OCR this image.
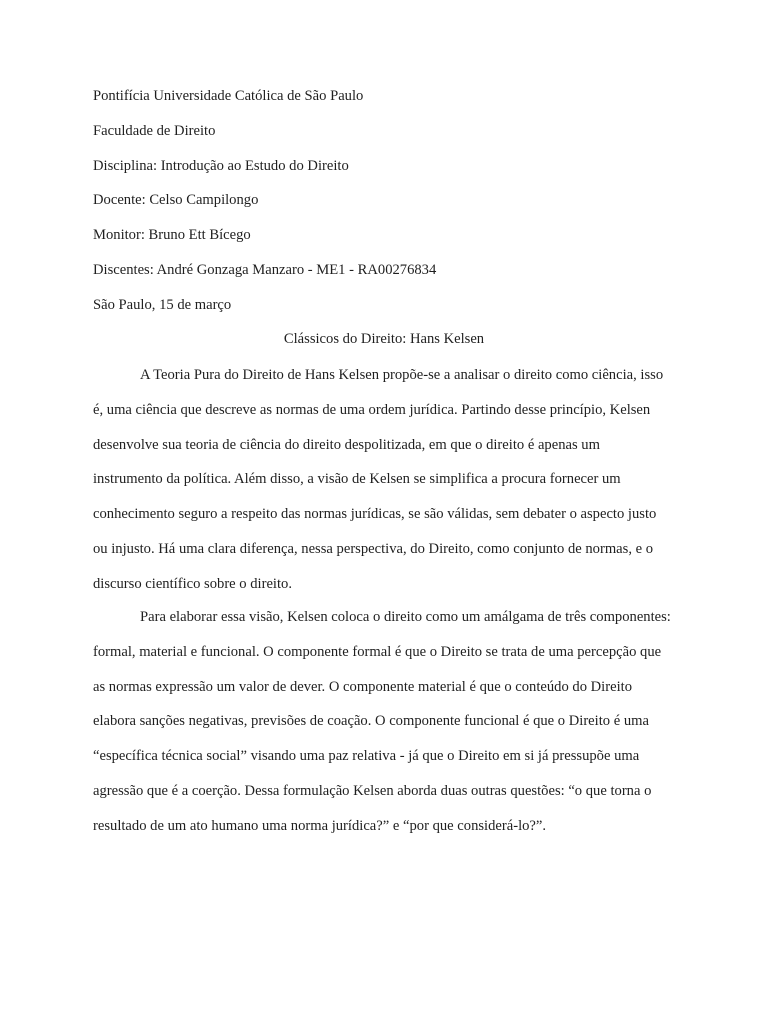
Pontifícia Universidade Católica de São Paulo
Faculdade de Direito
Disciplina: Introdução ao Estudo do Direito
Docente: Celso Campilongo
Monitor: Bruno Ett Bícego
Discentes: André Gonzaga Manzaro - ME1 - RA00276834
São Paulo, 15 de março
Clássicos do Direito: Hans Kelsen

A Teoria Pura do Direito de Hans Kelsen propõe-se a analisar o direito como ciência, isso é, uma ciência que descreve as normas de uma ordem jurídica. Partindo desse princípio, Kelsen desenvolve sua teoria de ciência do direito despolitizada, em que o direito é apenas um instrumento da política. Além disso, a visão de Kelsen se simplifica a procura fornecer um conhecimento seguro a respeito das normas jurídicas, se são válidas, sem debater o aspecto justo ou injusto. Há uma clara diferença, nessa perspectiva, do Direito, como conjunto de normas, e o discurso científico sobre o direito.

Para elaborar essa visão, Kelsen coloca o direito como um amálgama de três componentes: formal, material e funcional. O componente formal é que o Direito se trata de uma percepção que as normas expressão um valor de dever. O componente material é que o conteúdo do Direito elabora sanções negativas, previsões de coação. O componente funcional é que o Direito é uma “específica técnica social” visando uma paz relativa - já que o Direito em si já pressupõe uma agressão que é a coerção. Dessa formulação Kelsen aborda duas outras questões: “o que torna o resultado de um ato humano uma norma jurídica?” e “por que considerá-lo?”.
